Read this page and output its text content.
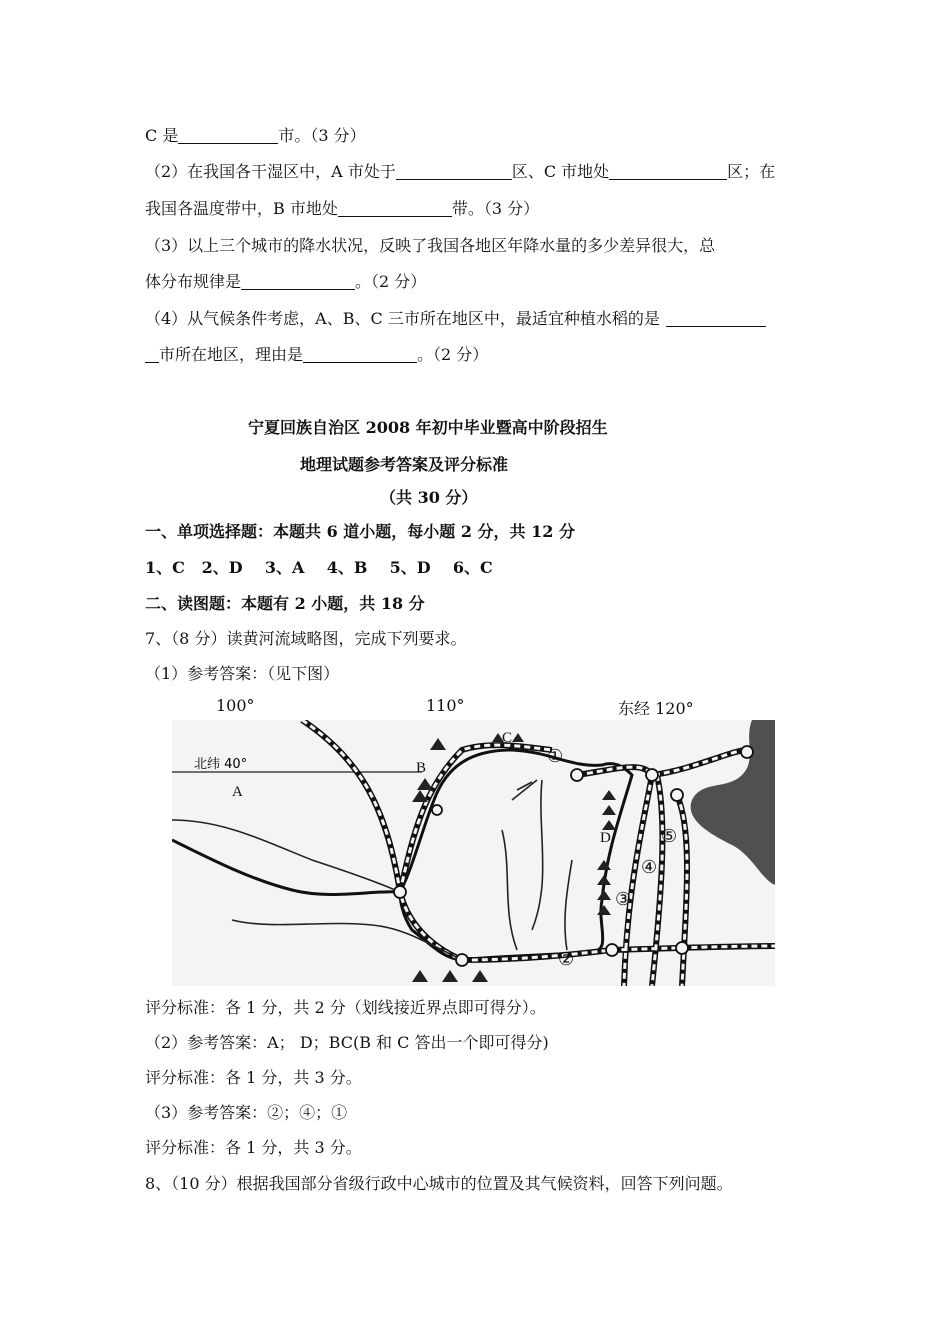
C 是	市。（3 分）
（2）在我国各干湿区中，A 市处于	区、C 市地处	区；在
我国各温度带中，B 市地处	带。（3 分）
（3）以上三个城市的降水状况，反映了我国各地区年降水量的多少差异很大，总
体分布规律是	。（2 分）
（4）从气候条件考虑，A、B、C 三市所在地区中，最适宜种植水稻的是
市所在地区，理由是	。（2 分）
宁夏回族自治区 2008 年初中毕业暨高中阶段招生
地理试题参考答案及评分标准
（共 30 分）
一、单项选择题：本题共 6 道小题，每小题 2 分，共 12 分
1、C   2、D    3、A    4、B    5、D    6、C
二、读图题：本题有 2 小题，共 18 分
7、（8 分）读黄河流域略图，完成下列要求。
（1）参考答案：（见下图）
100°	110°	东经 120°
北纬 40°
A
B
C
D
①
②
③
④
⑤
评分标准：各 1 分，共 2 分（划线接近界点即可得分）。
（2）参考答案：A； D；BC(B 和 C 答出一个即可得分)
评分标准：各 1 分，共 3 分。
（3）参考答案：②；④；①
评分标准：各 1 分，共 3 分。
8、（10 分）根据我国部分省级行政中心城市的位置及其气候资料，回答下列问题。
